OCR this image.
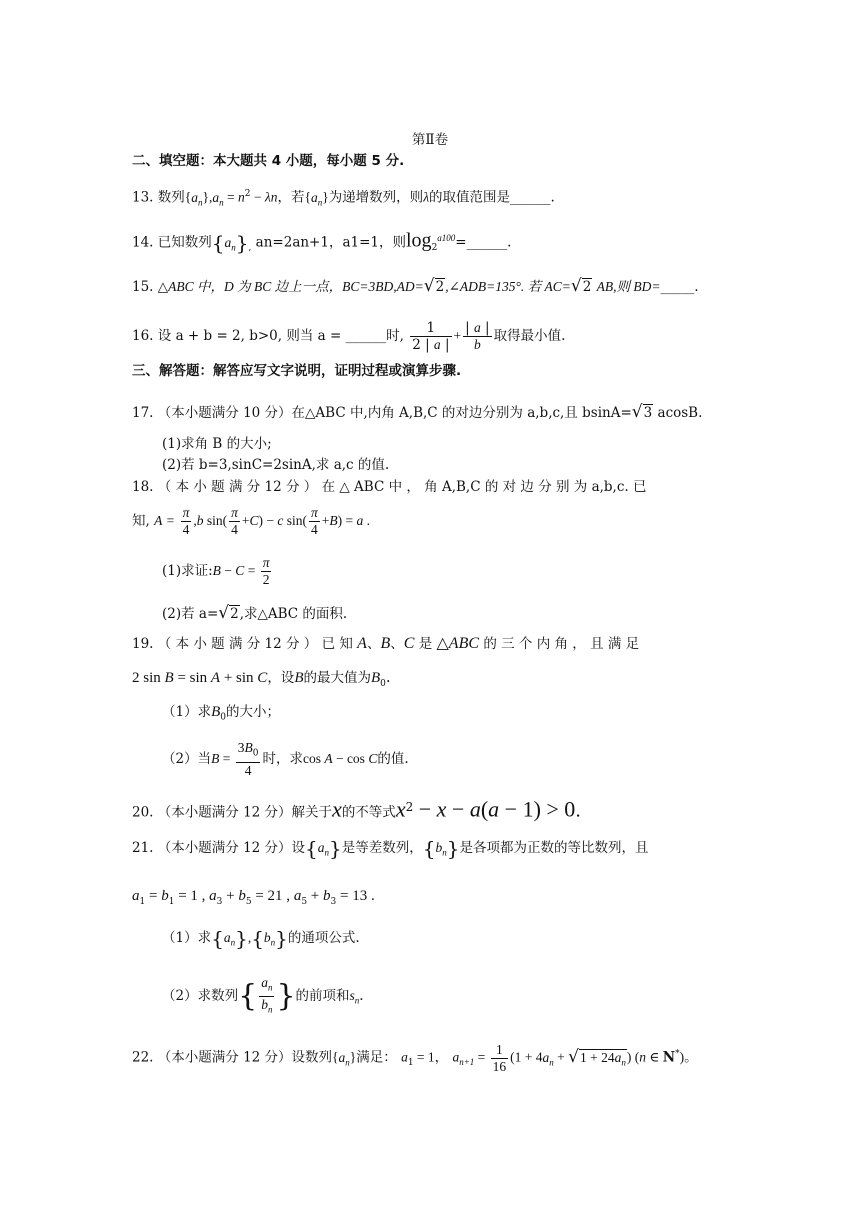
第Ⅱ卷
二、填空题：本大题共 4 小题，每小题 5 分.
13. 数列$\{a_n\},a_n = n^2 - \lambda n$，若$\{a_n\}$为递增数列，则λ的取值范围是______.
14. 已知数列$\{a_n\}_,$ an=2an+1，a1=1，则$\log_2^{a100}=\_\_\_\_\_\_$.
15. △ABC 中，D 为 BC 边上一点，BC=3BD,AD=√2,∠ADB=135°. 若 AC=√2 AB,则 BD=_____.
16. 设 a + b = 2, b>0, 则当 a = ______时, $\frac{1}{2 | a |} + \frac{| a |}{b}$ 取得最小值.
三、解答题：解答应写文字说明，证明过程或演算步骤.
17. （本小题满分 10 分）在△ABC 中,内角 A,B,C 的对边分别为 a,b,c,且 bsinA=√3 acosB.
(1)求角 B 的大小;
(2)若 b=3,sinC=2sinA,求 a,c 的值.
18. （ 本 小 题 满 分 12 分 ） 在 △ ABC 中 ， 角 A,B,C 的 对 边 分 别 为 a,b,c. 已
知, $A = \frac{\pi}{4} ,b$ $\sin( \frac{\pi}{4} +C) - c$ $\sin( \frac{\pi}{4} +B) = a$ .
(1)求证:B − $C = \frac{\pi}{2}$
(2)若 a=√2,求△ABC 的面积.
19. （ 本 小 题 满 分 12 分 ） 已 知 A、B、C 是 △ABC 的 三 个 内 角 ， 且 满 足
2 sin B = sin A + sin C，设B的最大值为$B_0$.
（1）求$B_0$的大小；
（2）当$B = \frac{3B_0}{4}$ 时，求cos A − cos C的值.
20. （本小题满分 12 分）解关于x的不等式$x^2 - x - a(a - 1) > 0$.
21. （本小题满分 12 分）设$\{a_n\}$是等差数列，$\{b_n\}$是各项都为正数的等比数列，且
$a_1 = b_1 = 1$ , $a_3 + b_5 = 21$ , $a_5 + b_3 = 13$ .
（1）求$\{a_n\},\{b_n\}$的通项公式.
（2）求数列{ $\frac{a_n}{b_n}$ }的前项和$s_n$.
22. （本小题满分 12 分）设数列$\{a_n\}$满足： $a_1 = 1$， $a_{n+1} = \frac{1}{16} (1 + 4a_n + √1 + 24a_n)$ (n ∈ N*)。
